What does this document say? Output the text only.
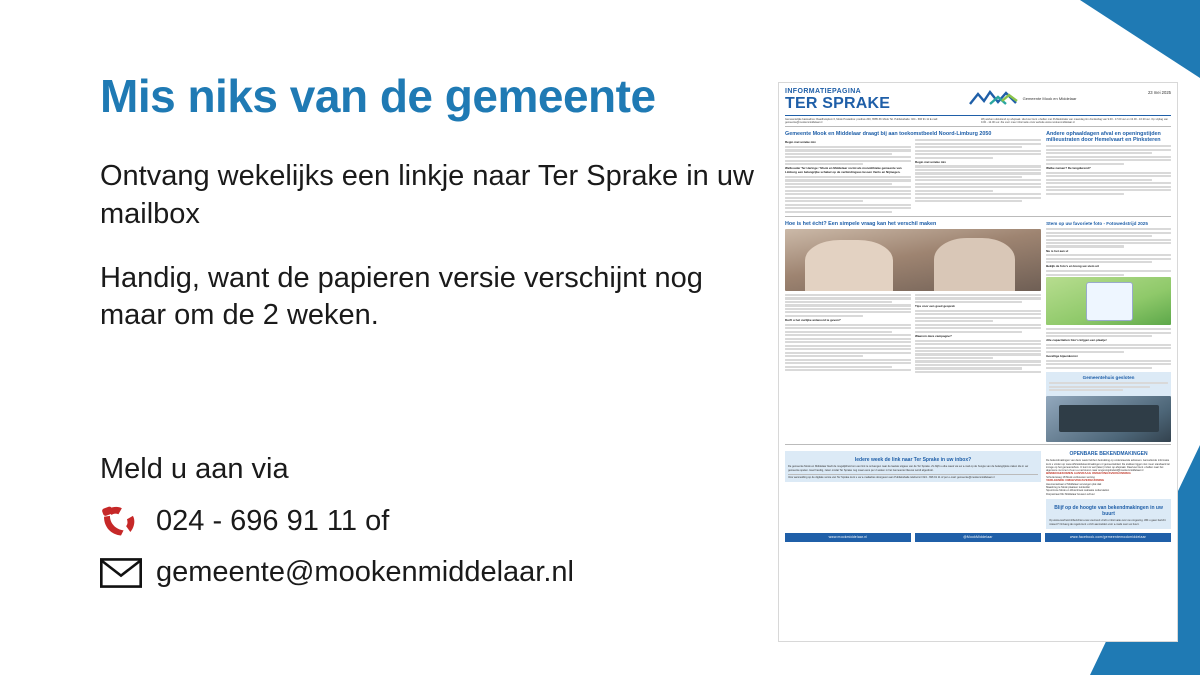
Mis niks van de gemeente

Ontvang wekelijks een linkje naar Ter Sprake in uw mailbox

Handig, want de papieren versie verschijnt nog maar om de 2 weken.

Meld u aan via
024 - 696 91 11 of
gemeente@mookenmiddelaar.nl
INFORMATIEPAGINA
TER SPRAKE	Gemeente Mook en Middelaar
23 mei 2025
Gemeentelijke basisadres: Raadhuisplein 6, Mook Postadres: postbus 200, 6585 ZK Mook Tel. Publieksbalie: 024 - 696 91 11 E-mail: gemeente@mookenmiddelaar.nl
Wij werken uitsluitend op afspraak. Hiervoor kunt u bellen met Publieksbalie van maandag t/m donderdag van 9.00 - 17.00 uur en 13.00 - 16.30 uur. Op vrijdag van 9.00 - 12.00 uur. Zie voor meer informatie onze website www.mookenmiddelaar.nl
Gemeente Mook en Middelaar draagt bij aan toekomstbeeld Noord-Limburg 2050
Regio met unieke mix
Welbouder Ter Heringe: 'Mook en Middelaar vormt als monolithieke gemeente van Limburg een belangrijke schakel op de verbindingsas tussen Venlo en Nijmegen.
Regio met unieke mix
Andere ophaaldagen afval en openingstijden milieustraten door Hemelvaart en Pinksteren
Welke namen? De langdurend?
Hoe is het écht? Een simpele vraag kan het verschil maken
Durft u het vurlijke antwoord te geven?
Tips voor een goed gesprek
Waarom deze campagne?
Stem op uw favoriete foto - Fotowedstrijd 2025
Nu is het aan u!
Bekijk de foto's en breng uw stem uit
Alle capaciteiten foto's krijgen een plaatje!
Gezellige bijeenkomst
Gemeentehuis gesloten
Iedere week de link naar Ter Sprake in uw inbox?
De gemeente Mook en Middelaar biedt de mogelijkheid om een link te ontvangen naar de laatste uitgave van de Ter Sprake. Zo blijft u elke week via uw e-mail op de hoogte van de belangrijkste zaken die in uw gemeente spelen. Heel handig, zeker omdat Ter Sprake nog maar eens per 2 weken in het Gemeente Nieuws wordt afgedrukt.
Voor aanmelding op de digitale versie van Ter Sprake kunt u uw e-mailadres doorgeven aan Publieksbalie telefoonnr 024 - 696 91 11 of per e-mail: gemeente@mookenmiddelaar.nl
OPENBARE BEKENDMAKINGEN
De bekendmakingen van deze week hebben betrekking op onderstaande adressen. Aanvullende informatie kunt u vinden op www.officielebekendmakingen.nl gemeenteblad. De stukken liggen niet meer standaard ter inzage op het gemeentehuis. U kunt ze wel (laten) inzien op afspraak. Daarvoor kunt u bellen naar het algemene nummer of een e-mail sturen naar omgevingsbeleid@mookenmiddelaar.nl
BINNENGEKOMEN AANVRAAG OMGEVINGSVERGUNNING
Schuttersweg 18 Mook verbouwen woning
VERLEENDE OMGEVINGSVERGUNNING
Heumensebaan 2 Middelaar vervangen plat dak
Maasbrug te Mook plaatsen tuinkelder
Spoorzone Mook en Wetenhoek realisatie onderstation
Dorpsstraat 63c Middelaar bouwen schuur
Blijf op de hoogte van bekendmakingen in uw buurt
Op www.overheid.nl/berichten-over-uw-buurt vindt u informatie over uw omgeving. Wilt u geen bericht missen? Ontvang de regels kunt u zich aanmelden voor e-mails over uw buurt.
www.mookmiddelaar.nl	@MookMiddelaar	www.facebook.com/gemeentemookmiddelaar
